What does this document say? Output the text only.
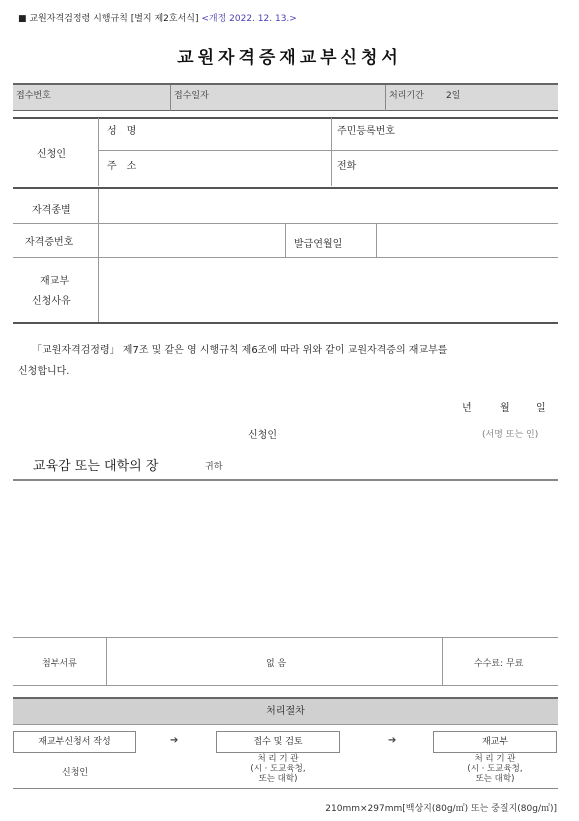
■ 교원자격검정령 시행규칙 [별지 제2호서식] <개정 2022. 12. 13.>
교원자격증재교부신청서
접수번호	접수일자	처리기간 2일
신청인
성　명	주민등록번호
주　소	전화
자격종별
자격증번호	발급연월일
재교부
신청사유
「교원자격검정령」 제7조 및 같은 영 시행규칙 제6조에 따라 위와 같이 교원자격증의 재교부를
신청합니다.
년	월	일
신청인	(서명 또는 인)
교육감 또는 대학의 장	귀하
첨부서류	없 음	수수료: 무료
처리절차
재교부신청서 작성	➔	접수 및 검토	➔	재교부
신청인
처 리 기 관
(시 · 도교육청,
또는 대학)
처 리 기 관
(시 · 도교육청,
또는 대학)
210mm×297mm[백상지(80g/㎡) 또는 중질지(80g/㎡)]
